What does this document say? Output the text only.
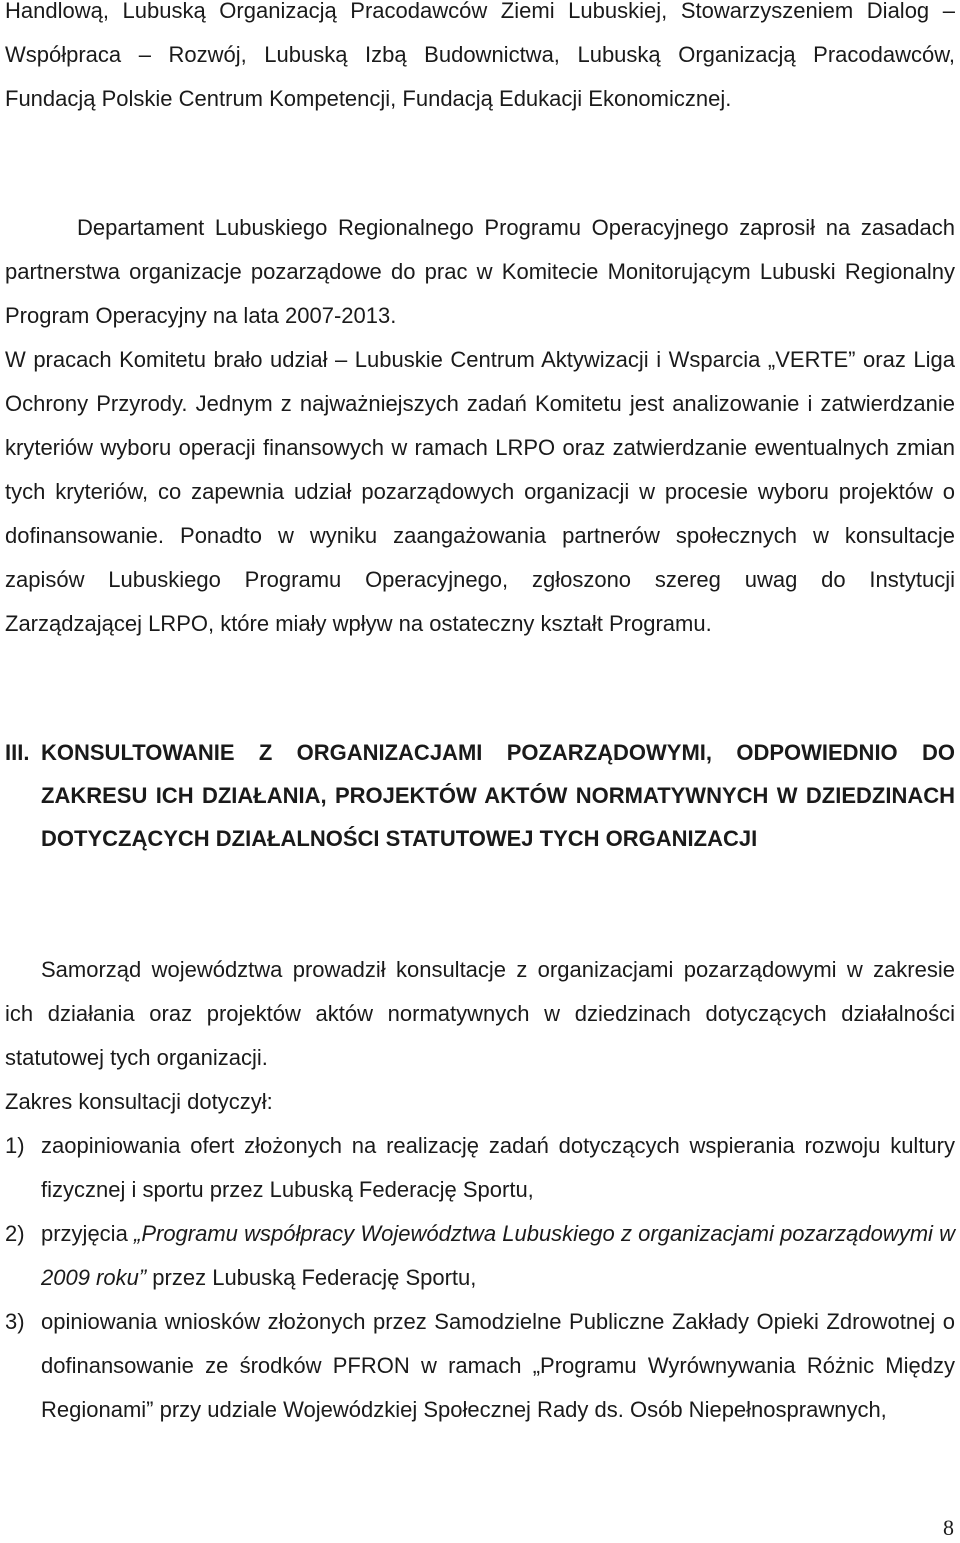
Handlową, Lubuską Organizacją Pracodawców Ziemi Lubuskiej, Stowarzyszeniem Dialog – Współpraca – Rozwój, Lubuską Izbą Budownictwa, Lubuską Organizacją Pracodawców, Fundacją Polskie Centrum Kompetencji, Fundacją Edukacji Ekonomicznej.

Departament Lubuskiego Regionalnego Programu Operacyjnego zaprosił na zasadach partnerstwa organizacje pozarządowe do prac w Komitecie Monitorującym Lubuski Regionalny Program Operacyjny na lata 2007-2013.

W pracach Komitetu brało udział – Lubuskie Centrum Aktywizacji i Wsparcia „VERTE” oraz Liga Ochrony Przyrody. Jednym z najważniejszych zadań Komitetu jest analizowanie i zatwierdzanie kryteriów wyboru operacji finansowych w ramach LRPO oraz zatwierdzanie ewentualnych zmian tych kryteriów, co zapewnia udział pozarządowych organizacji w procesie wyboru projektów o dofinansowanie. Ponadto w wyniku zaangażowania partnerów społecznych w konsultacje zapisów Lubuskiego Programu Operacyjnego, zgłoszono szereg uwag do Instytucji Zarządzającej LRPO, które miały wpływ na ostateczny kształt Programu.

III. KONSULTOWANIE Z ORGANIZACJAMI POZARZĄDOWYMI, ODPOWIEDNIO DO ZAKRESU ICH DZIAŁANIA, PROJEKTÓW AKTÓW NORMATYWNYCH W DZIEDZINACH DOTYCZĄCYCH DZIAŁALNOŚCI STATUTOWEJ TYCH ORGANIZACJI

Samorząd województwa prowadził konsultacje z organizacjami pozarządowymi w zakresie ich działania oraz projektów aktów normatywnych w dziedzinach dotyczących działalności statutowej tych organizacji.

Zakres konsultacji dotyczył:

1) zaopiniowania ofert złożonych na realizację zadań dotyczących wspierania rozwoju kultury fizycznej i sportu przez Lubuską Federację Sportu,
2) przyjęcia „Programu współpracy Województwa Lubuskiego z organizacjami pozarządowymi w 2009 roku” przez Lubuską Federację Sportu,
3) opiniowania wniosków złożonych przez Samodzielne Publiczne Zakłady Opieki Zdrowotnej o dofinansowanie ze środków PFRON w ramach „Programu Wyrównywania Różnic Między Regionami” przy udziale Wojewódzkiej Społecznej Rady ds. Osób Niepełnosprawnych,
8
